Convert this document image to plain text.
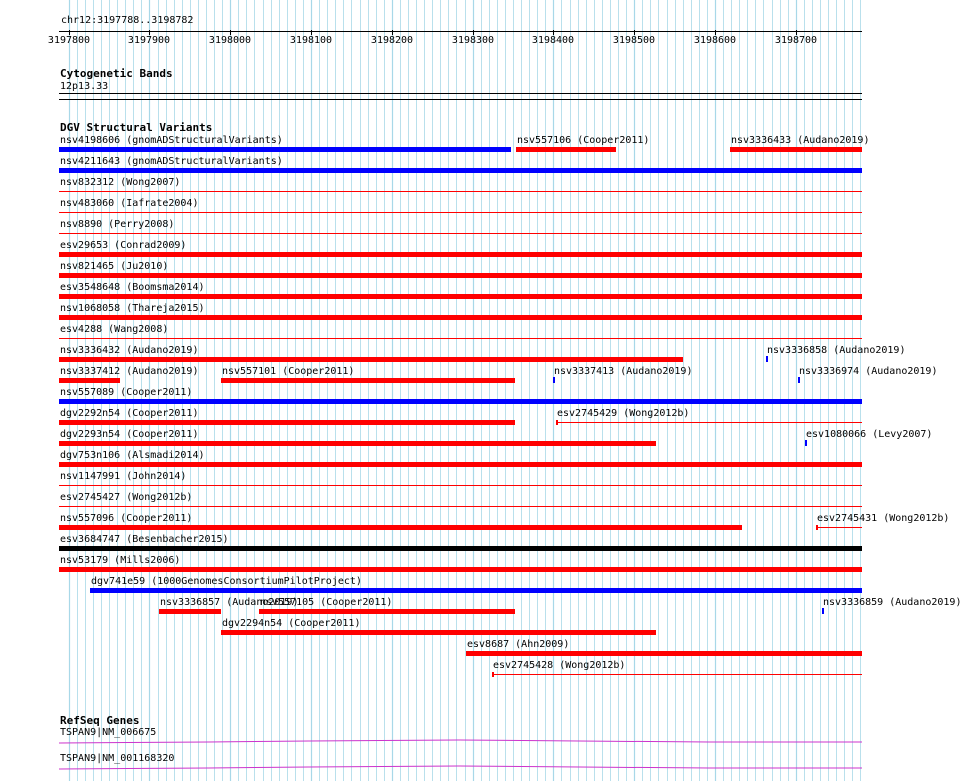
chr12:3197788..3198782
3197800	3197900	3198000	3198100	3198200	3198300	3198400	3198500	3198600	3198700
Cytogenetic Bands
12p13.33
DGV Structural Variants
nsv4198606 (gnomADStructuralVariants)	nsv557106 (Cooper2011)	nsv3336433 (Audano2019)
nsv4211643 (gnomADStructuralVariants)
nsv832312 (Wong2007)
nsv483060 (Iafrate2004)
nsv8890 (Perry2008)
esv29653 (Conrad2009)
nsv821465 (Ju2010)
esv3548648 (Boomsma2014)
nsv1068058 (Thareja2015)
esv4288 (Wang2008)
nsv3336432 (Audano2019)	nsv3336858 (Audano2019)
nsv3337412 (Audano2019) nsv557101 (Cooper2011)	nsv3337413 (Audano2019)	nsv3336974 (Audano2019)
nsv557089 (Cooper2011)
dgv2292n54 (Cooper2011)	esv2745429 (Wong2012b)
dgv2293n54 (Cooper2011)	esv1080066 (Levy2007)
dgv753n106 (Alsmadi2014)
nsv1147991 (John2014)
esv2745427 (Wong2012b)
nsv557096 (Cooper2011)	esv2745431 (Wong2012b)
esv3684747 (Besenbacher2015)
nsv53179 (Mills2006)
dgv741e59 (1000GenomesConsortiumPilotProject)
nsv3336857 (Audano2019)
nsv557105 (Cooper2011)	nsv3336859 (Audano2019)
dgv2294n54 (Cooper2011)
esv8687 (Ahn2009)
esv2745428 (Wong2012b)
RefSeq Genes
TSPAN9|NM_006675
TSPAN9|NM_001168320
